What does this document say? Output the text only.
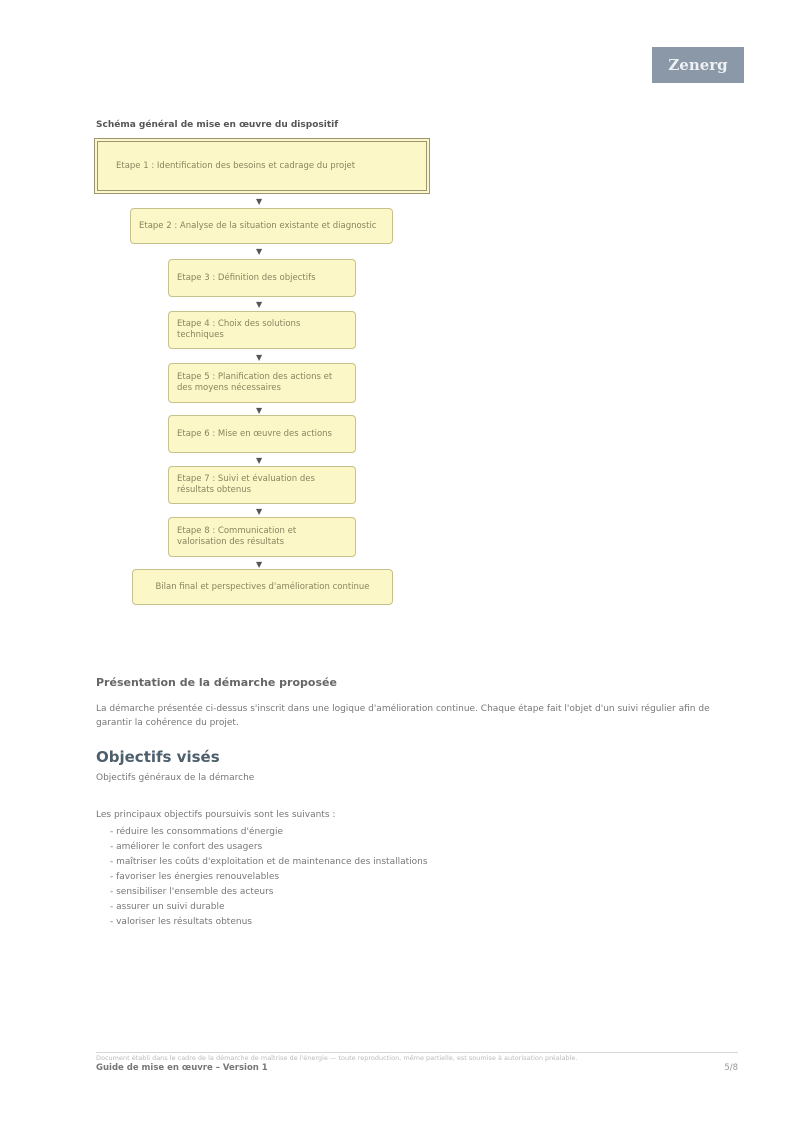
Zenerg
Schéma général de mise en œuvre du dispositif
Etape 1 : Identification des besoins et cadrage du projet
▼
Etape 2 : Analyse de la situation existante et diagnostic
▼
Etape 3 : Définition des objectifs
▼
Etape 4 : Choix des solutions techniques
▼
Etape 5 : Planification des actions et des moyens nécessaires
▼
Etape 6 : Mise en œuvre des actions
▼
Etape 7 : Suivi et évaluation des résultats obtenus
▼
Etape 8 : Communication et valorisation des résultats
▼
Bilan final et perspectives d'amélioration continue
Présentation de la démarche proposée
La démarche présentée ci-dessus s'inscrit dans une logique d'amélioration continue. Chaque étape fait l'objet d'un suivi régulier afin de garantir la cohérence du projet.
Objectifs visés
Objectifs généraux de la démarche
Les principaux objectifs poursuivis sont les suivants :
- réduire les consommations d'énergie
- améliorer le confort des usagers
- maîtriser les coûts d'exploitation et de maintenance des installations
- favoriser les énergies renouvelables
- sensibiliser l'ensemble des acteurs
- assurer un suivi durable
- valoriser les résultats obtenus
Document établi dans le cadre de la démarche de maîtrise de l'énergie — toute reproduction, même partielle, est soumise à autorisation préalable.
Guide de mise en œuvre – Version 1	5/8
